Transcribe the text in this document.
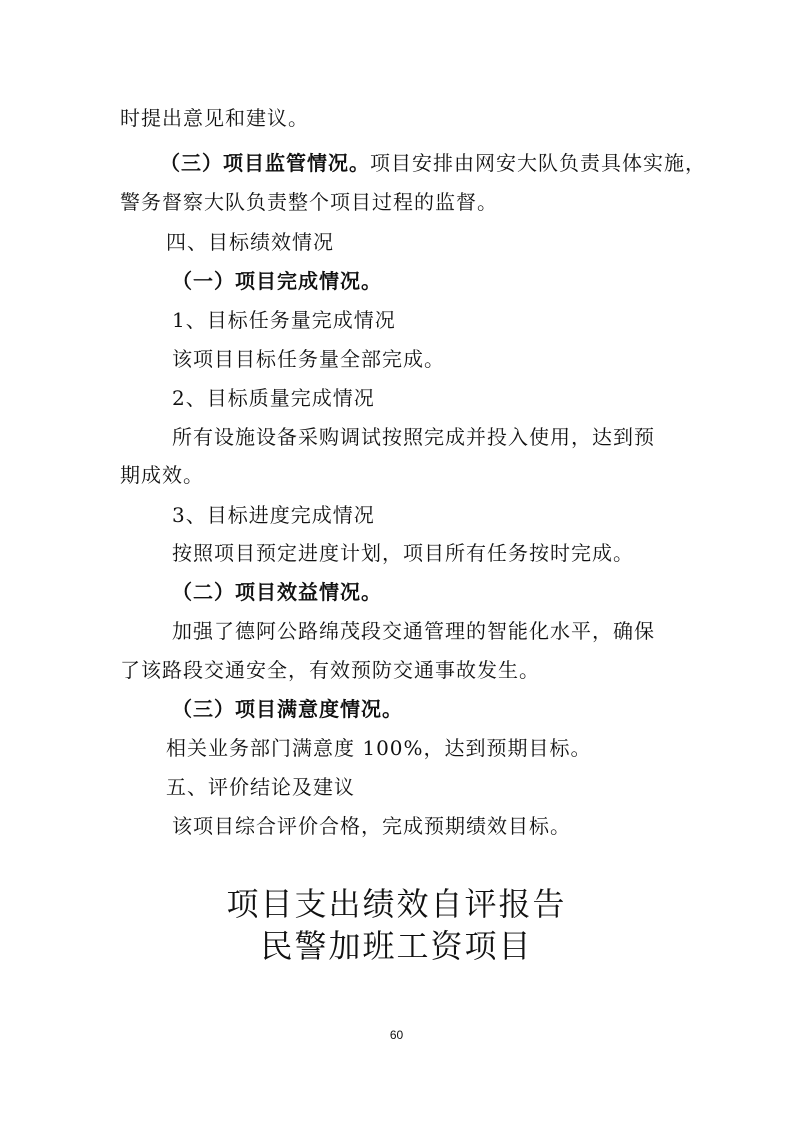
时提出意见和建议。
（三）项目监管情况。项目安排由网安大队负责具体实施，
警务督察大队负责整个项目过程的监督。
四、目标绩效情况
（一）项目完成情况。
1、目标任务量完成情况
该项目目标任务量全部完成。
2、目标质量完成情况
所有设施设备采购调试按照完成并投入使用，达到预
期成效。
3、目标进度完成情况
按照项目预定进度计划，项目所有任务按时完成。
（二）项目效益情况。
加强了德阿公路绵茂段交通管理的智能化水平，确保
了该路段交通安全，有效预防交通事故发生。
（三）项目满意度情况。
相关业务部门满意度 100%，达到预期目标。
五、评价结论及建议
该项目综合评价合格，完成预期绩效目标。
项目支出绩效自评报告
民警加班工资项目
60
